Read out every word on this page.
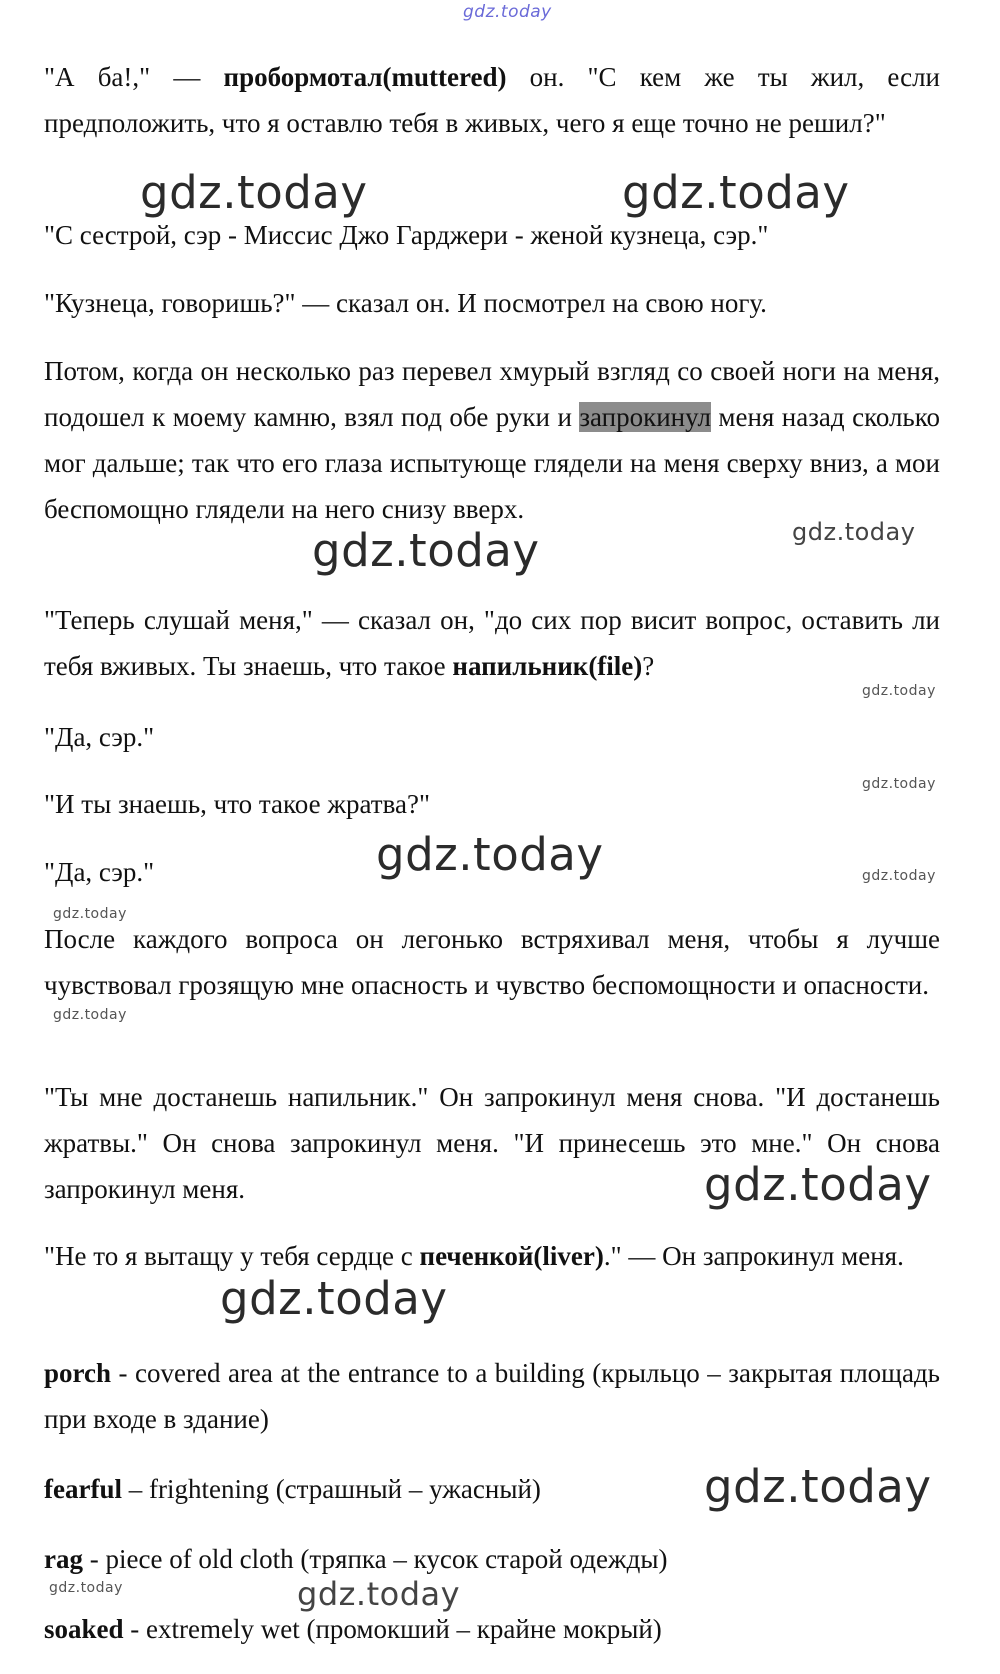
gdz.today

"А ба!," — пробормотал(muttered) он. "С кем же ты жил, если предположить, что я оставлю тебя в живых, чего я еще точно не решил?"

"С сестрой, сэр - Миссис Джо Гарджери - женой кузнеца, сэр."

"Кузнеца, говоришь?" — сказал он. И посмотрел на свою ногу.

Потом, когда он несколько раз перевел хмурый взгляд со своей ноги на меня, подошел к моему камню, взял под обе руки и запрокинул меня назад сколько мог дальше; так что его глаза испытующе глядели на меня сверху вниз, а мои беспомощно глядели на него снизу вверх.

"Теперь слушай меня," — сказал он, "до сих пор висит вопрос, оставить ли тебя вживых. Ты знаешь, что такое напильник(file)?

"Да, сэр."

"И ты знаешь, что такое жратва?"

"Да, сэр."

После каждого вопроса он легонько встряхивал меня, чтобы я лучше чувствовал грозящую мне опасность и чувство беспомощности и опасности.

"Ты мне достанешь напильник." Он запрокинул меня снова. "И достанешь жратвы." Он снова запрокинул меня. "И принесешь это мне." Он снова запрокинул меня.

"Не то я вытащу у тебя сердце с печенкой(liver)." — Он запрокинул меня.

porch - covered area at the entrance to a building (крыльцо – закрытая площадь при входе в здание)

fearful – frightening (страшный – ужасный)

rag - piece of old cloth (тряпка – кусок старой одежды)

soaked - extremely wet (промокший – крайне мокрый)

gdz.today	gdz.today
gdz.today
gdz.today
gdz.today
gdz.today
gdz.today	gdz.today
gdz.today
gdz.today
gdz.today
gdz.today
gdz.today
gdz.today	gdz.today
